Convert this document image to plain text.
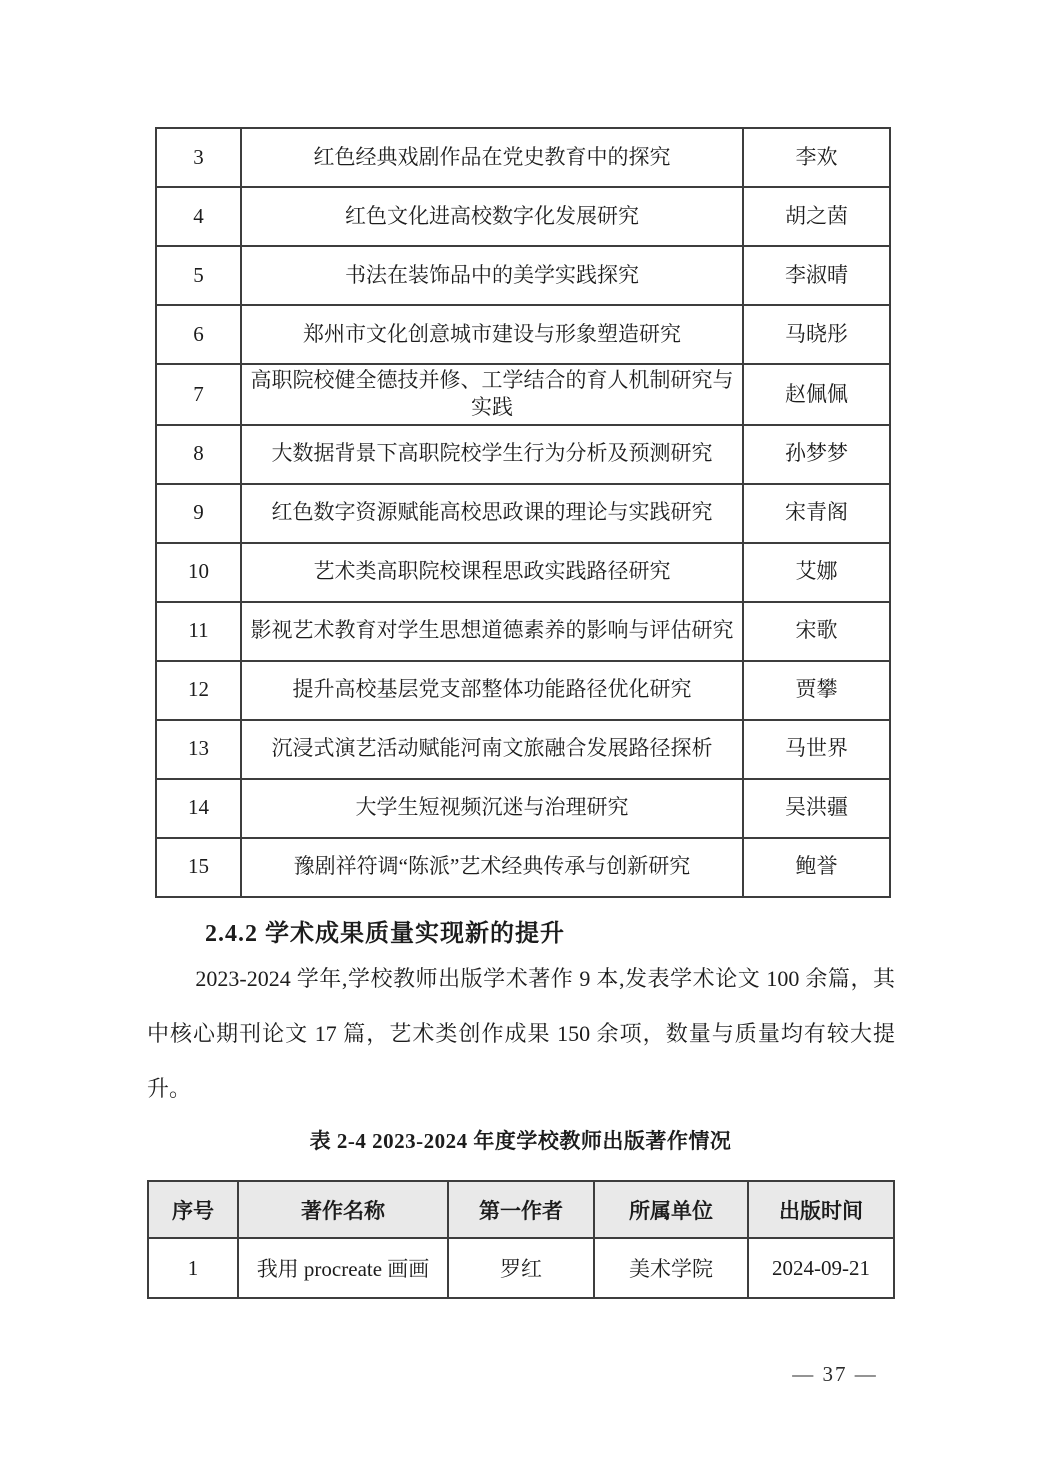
3	红色经典戏剧作品在党史教育中的探究	李欢
4	红色文化进高校数字化发展研究	胡之茵
5	书法在装饰品中的美学实践探究	李淑晴
6	郑州市文化创意城市建设与形象塑造研究	马晓彤
7	高职院校健全德技并修、工学结合的育人机制研究与实践	赵佩佩
8	大数据背景下高职院校学生行为分析及预测研究	孙梦梦
9	红色数字资源赋能高校思政课的理论与实践研究	宋青阁
10	艺术类高职院校课程思政实践路径研究	艾娜
11	影视艺术教育对学生思想道德素养的影响与评估研究	宋歌
12	提升高校基层党支部整体功能路径优化研究	贾攀
13	沉浸式演艺活动赋能河南文旅融合发展路径探析	马世界
14	大学生短视频沉迷与治理研究	吴洪疆
15	豫剧祥符调“陈派”艺术经典传承与创新研究	鲍誉
2.4.2 学术成果质量实现新的提升

2023-2024 学年,学校教师出版学术著作 9 本,发表学术论文 100 余篇，其中核心期刊论文 17 篇，艺术类创作成果 150 余项，数量与质量均有较大提升。

表 2-4 2023-2024 年度学校教师出版著作情况
序号	著作名称	第一作者	所属单位	出版时间
1	我用 procreate 画画	罗红	美术学院	2024-09-21
— 37 —
